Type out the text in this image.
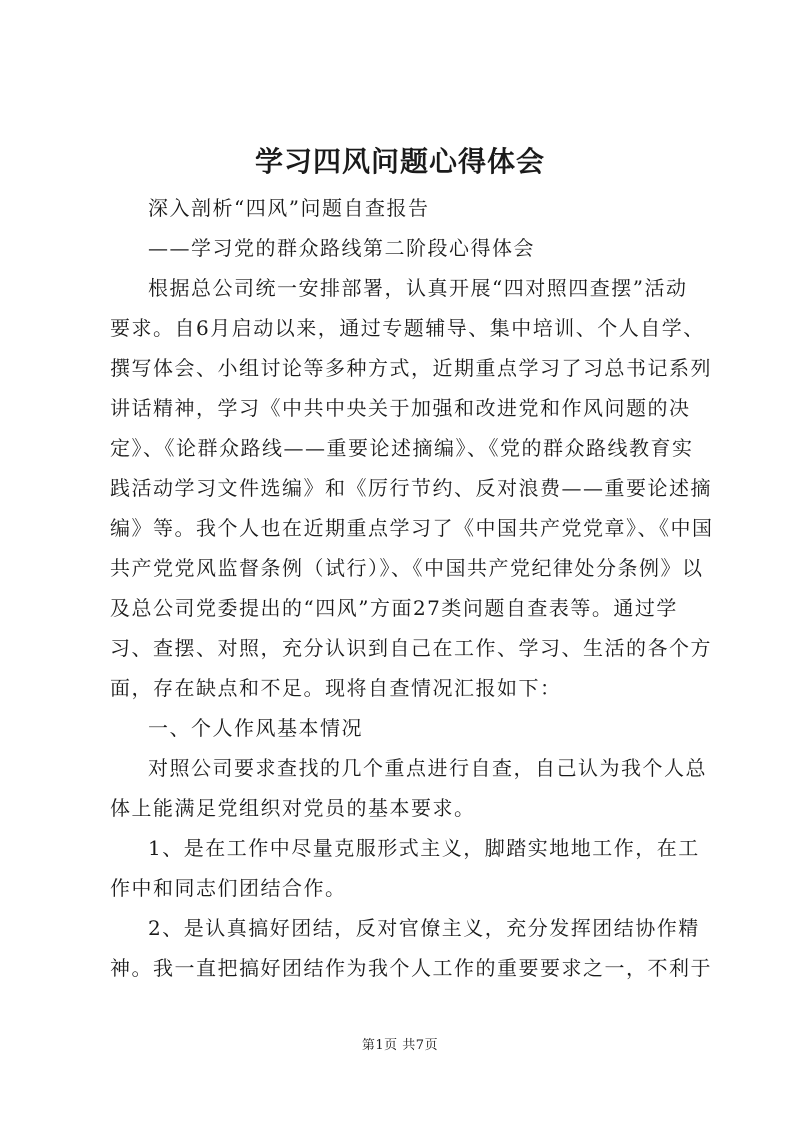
学习四风问题心得体会

深入剖析“四风”问题自查报告

——学习党的群众路线第二阶段心得体会

根据总公司统一安排部署，认真开展“四对照四查摆”活动

要求。自6月启动以来，通过专题辅导、集中培训、个人自学、

撰写体会、小组讨论等多种方式，近期重点学习了习总书记系列

讲话精神，学习《中共中央关于加强和改进党和作风问题的决

定》、《论群众路线——重要论述摘编》、《党的群众路线教育实

践活动学习文件选编》和《厉行节约、反对浪费——重要论述摘

编》等。我个人也在近期重点学习了《中国共产党党章》、《中国

共产党党风监督条例（试行）》、《中国共产党纪律处分条例》以

及总公司党委提出的“四风”方面27类问题自查表等。通过学

习、查摆、对照，充分认识到自己在工作、学习、生活的各个方

面，存在缺点和不足。现将自查情况汇报如下：

一、个人作风基本情况

对照公司要求查找的几个重点进行自查，自己认为我个人总

体上能满足党组织对党员的基本要求。

1、是在工作中尽量克服形式主义，脚踏实地地工作，在工

作中和同志们团结合作。

2、是认真搞好团结，反对官僚主义，充分发挥团结协作精

神。我一直把搞好团结作为我个人工作的重要要求之一，不利于

第1页 共7页
